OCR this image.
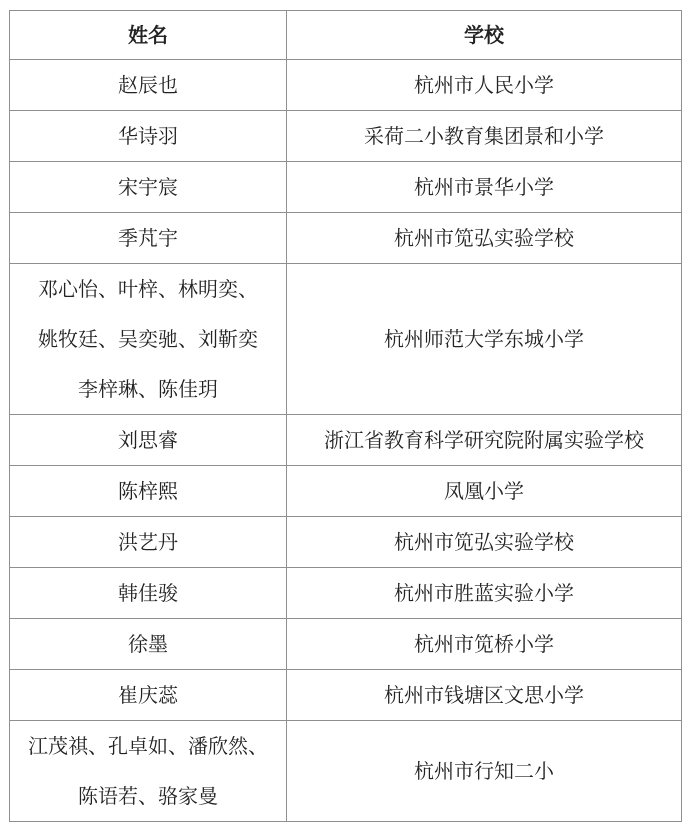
姓名	学校
赵辰也	杭州市人民小学
华诗羽	采荷二小教育集团景和小学
宋宇宸	杭州市景华小学
季芃宇	杭州市笕弘实验学校
邓心怡、叶梓、林明奕、
姚牧廷、吴奕驰、刘靳奕
李梓琳、陈佳玥	杭州师范大学东城小学
刘思睿	浙江省教育科学研究院附属实验学校
陈梓熙	凤凰小学
洪艺丹	杭州市笕弘实验学校
韩佳骏	杭州市胜蓝实验小学
徐墨	杭州市笕桥小学
崔庆蕊	杭州市钱塘区文思小学
江茂祺、孔卓如、潘欣然、
陈语若、骆家曼	杭州市行知二小
